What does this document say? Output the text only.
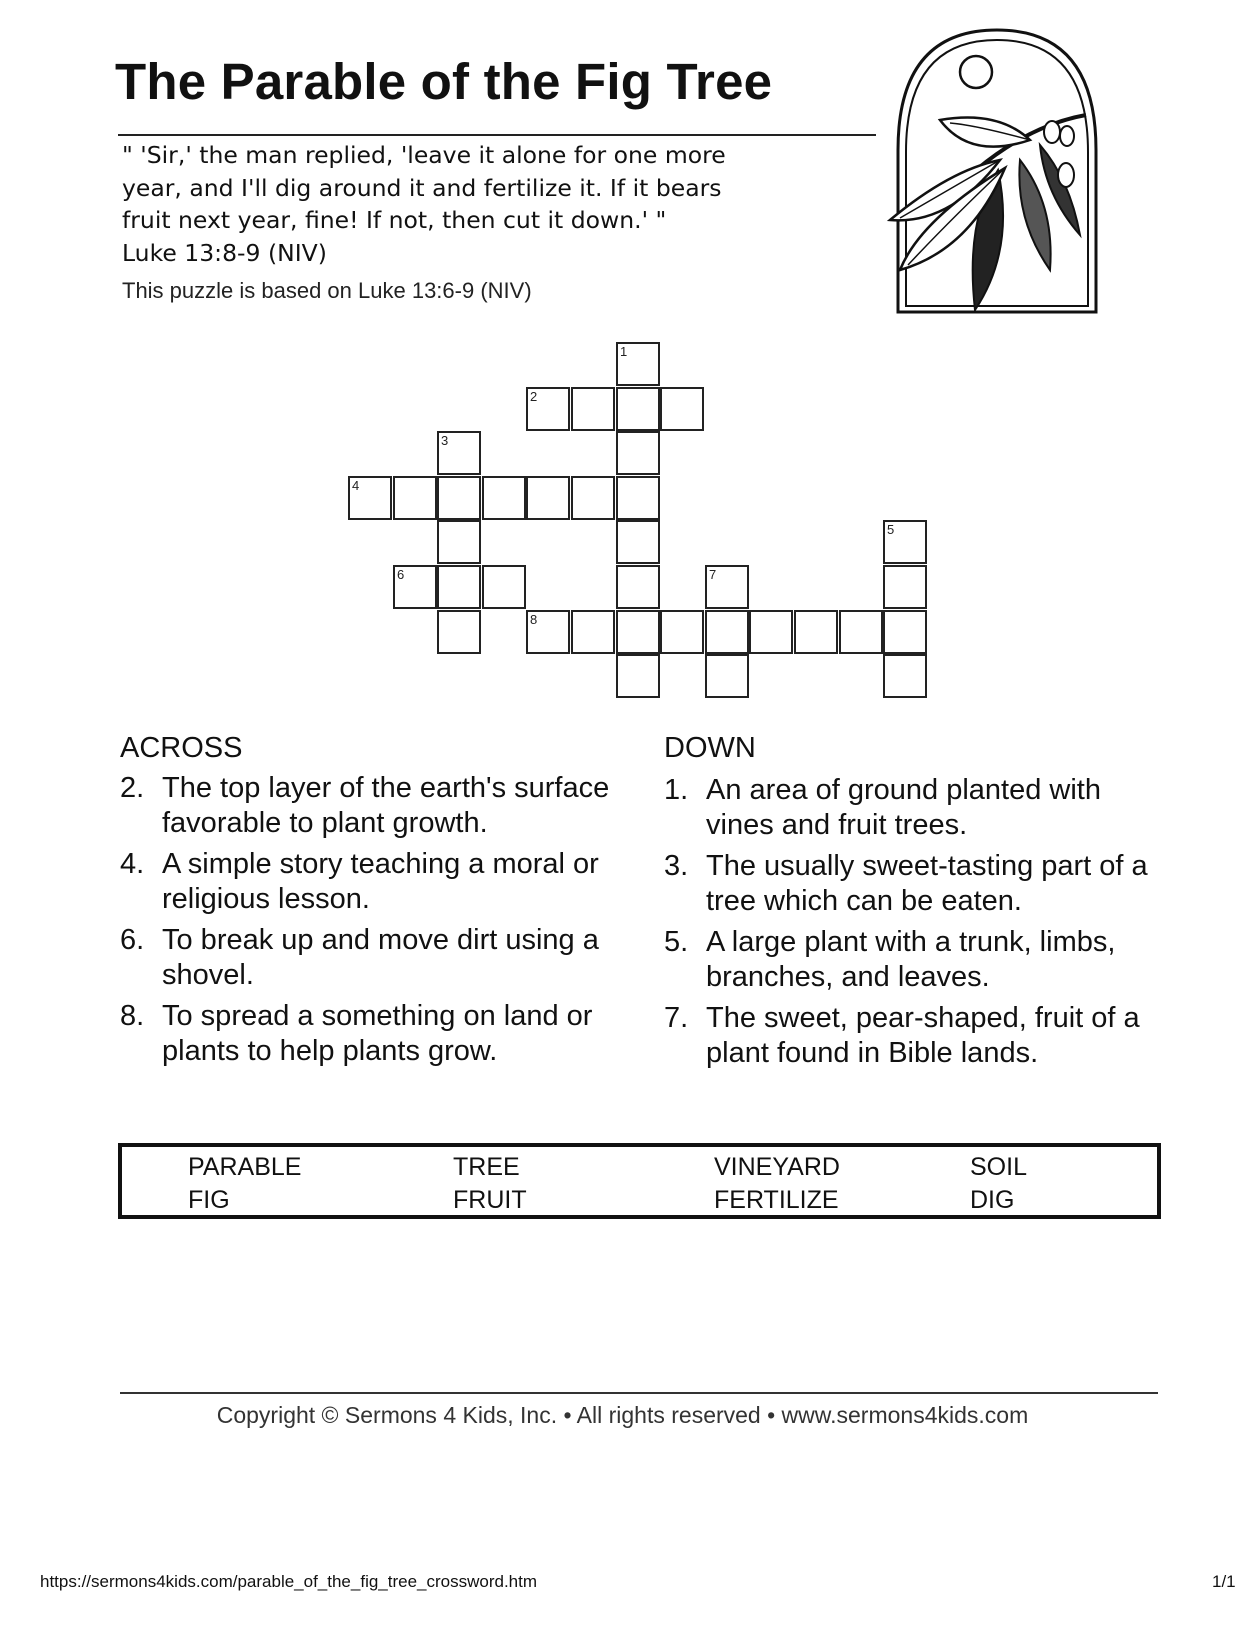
The Parable of the Fig Tree
" 'Sir,' the man replied, 'leave it alone for one more
year, and I'll dig around it and fertilize it. If it bears
fruit next year, fine! If not, then cut it down.' "
Luke 13:8-9 (NIV)
This puzzle is based on Luke 13:6-9 (NIV)
1
2
3
4
5
6	7
8
ACROSS
2. The top layer of the earth's surface favorable to plant growth.
4. A simple story teaching a moral or religious lesson.
6. To break up and move dirt using a shovel.
8. To spread a something on land or plants to help plants grow.
DOWN
1. An area of ground planted with vines and fruit trees.
3. The usually sweet-tasting part of a tree which can be eaten.
5. A large plant with a trunk, limbs, branches, and leaves.
7. The sweet, pear-shaped, fruit of a plant found in Bible lands.
PARABLE	TREE	VINEYARD	SOIL
FIG	FRUIT	FERTILIZE	DIG
Copyright © Sermons 4 Kids, Inc. • All rights reserved • www.sermons4kids.com
https://sermons4kids.com/parable_of_the_fig_tree_crossword.htm	1/1
